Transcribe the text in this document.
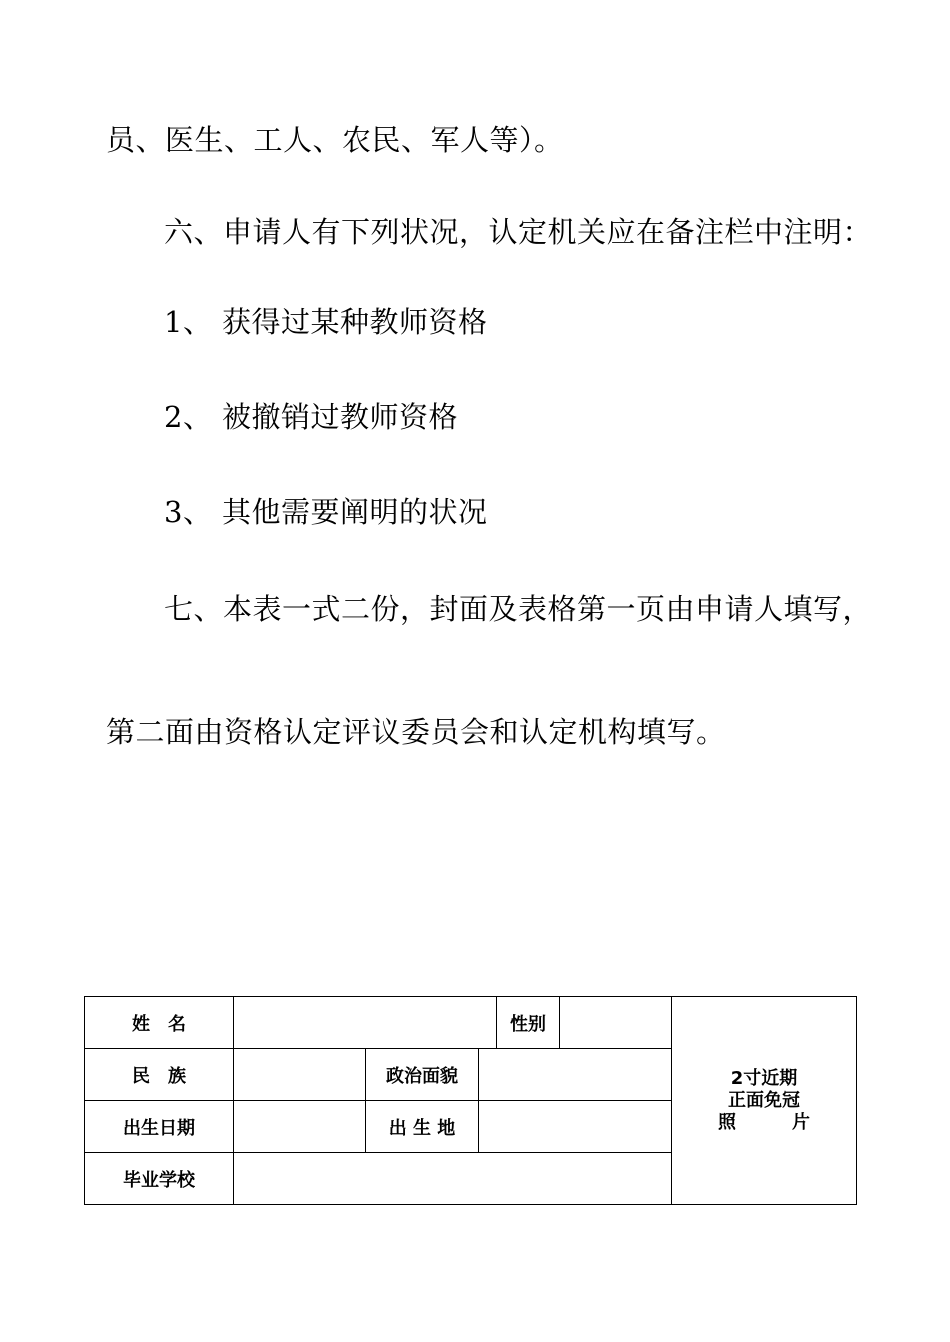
员、医生、工人、农民、军人等）。
六、申请人有下列状况，认定机关应在备注栏中注明：
1、 获得过某种教师资格
2、 被撤销过教师资格
3、 其他需要阐明的状况
七、本表一式二份，封面及表格第一页由申请人填写，
第二面由资格认定评议委员会和认定机构填写。
姓　名				性别		2寸近期
正面免冠
照 片

民　族		政治面貌				
出生日期		出 生 地				
毕业学校						
